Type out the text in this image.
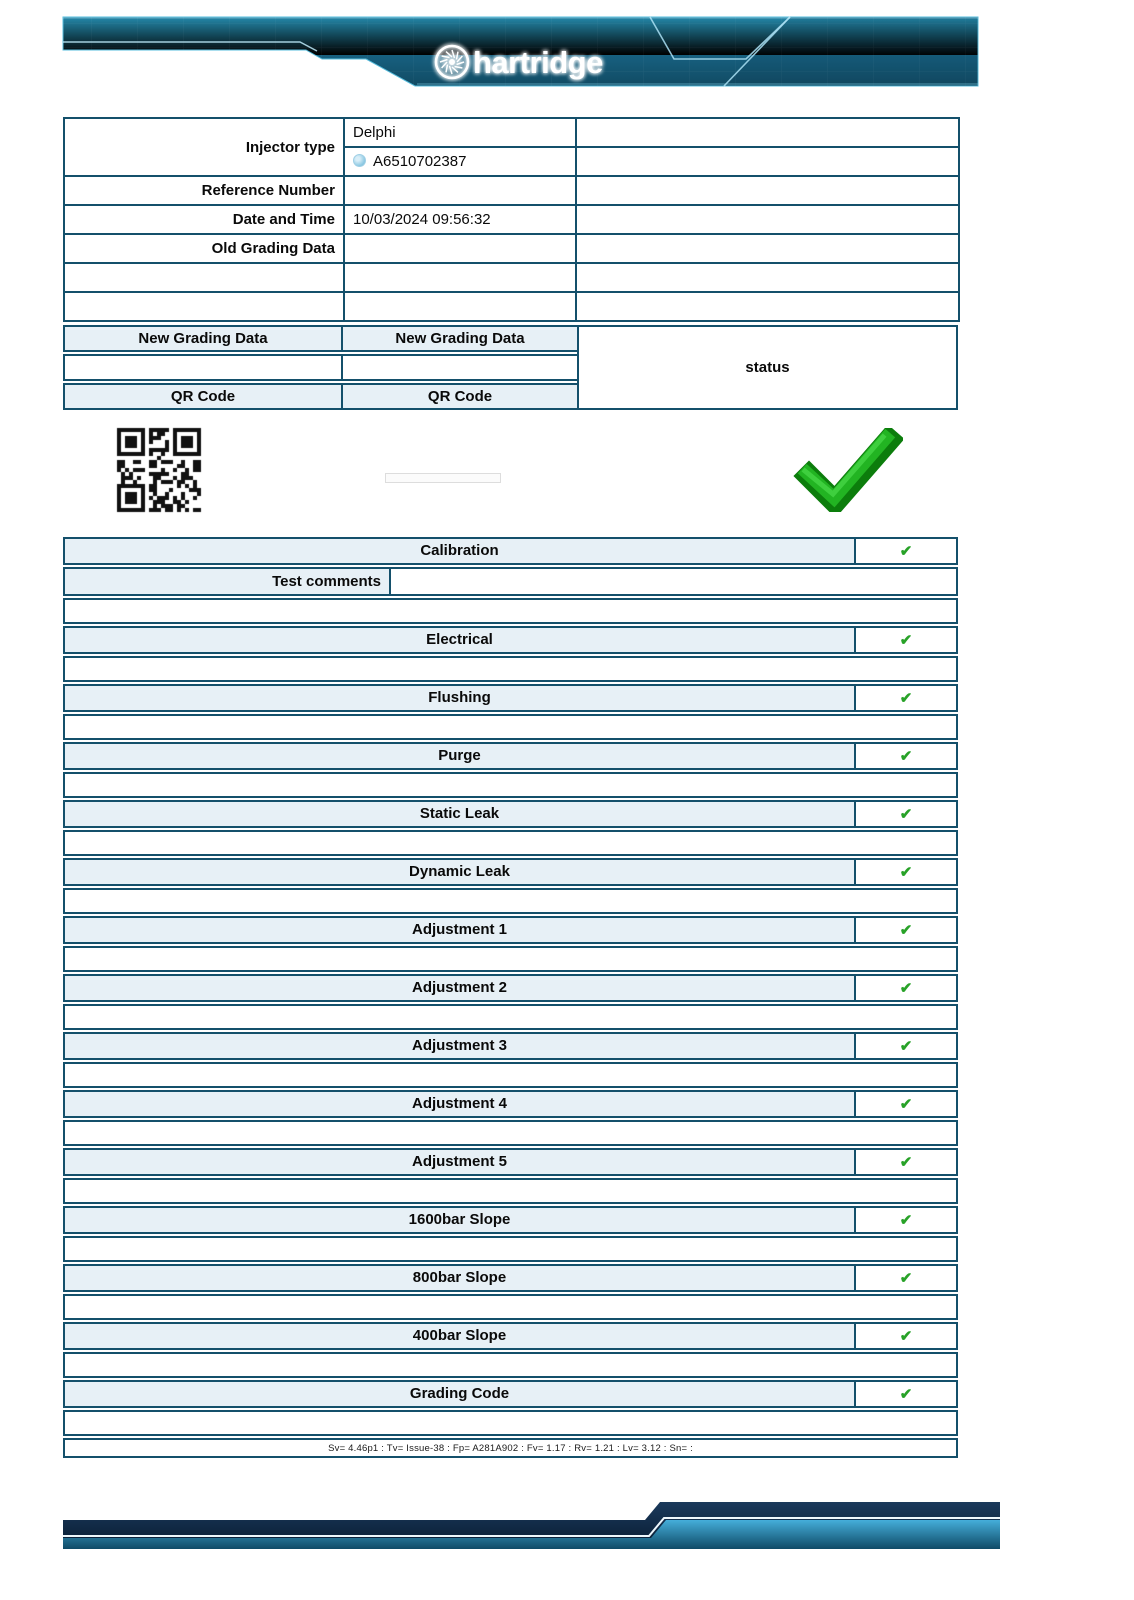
hartridge
Injector type	Delphi	
	A6510702387	
Reference Number		
Date and Time	10/03/2024 09:56:32	
Old Grading Data		

New Grading Data	New Grading Data
QR Code	QR Code
status
Calibration	✔
Test comments
Electrical	✔
Flushing	✔
Purge	✔
Static Leak	✔
Dynamic Leak	✔
Adjustment 1	✔
Adjustment 2	✔
Adjustment 3	✔
Adjustment 4	✔
Adjustment 5	✔
1600bar Slope	✔
800bar Slope	✔
400bar Slope	✔
Grading Code	✔
Sv= 4.46p1 : Tv= Issue-38 : Fp= A281A902 : Fv= 1.17 : Rv= 1.21 : Lv= 3.12 : Sn= :
